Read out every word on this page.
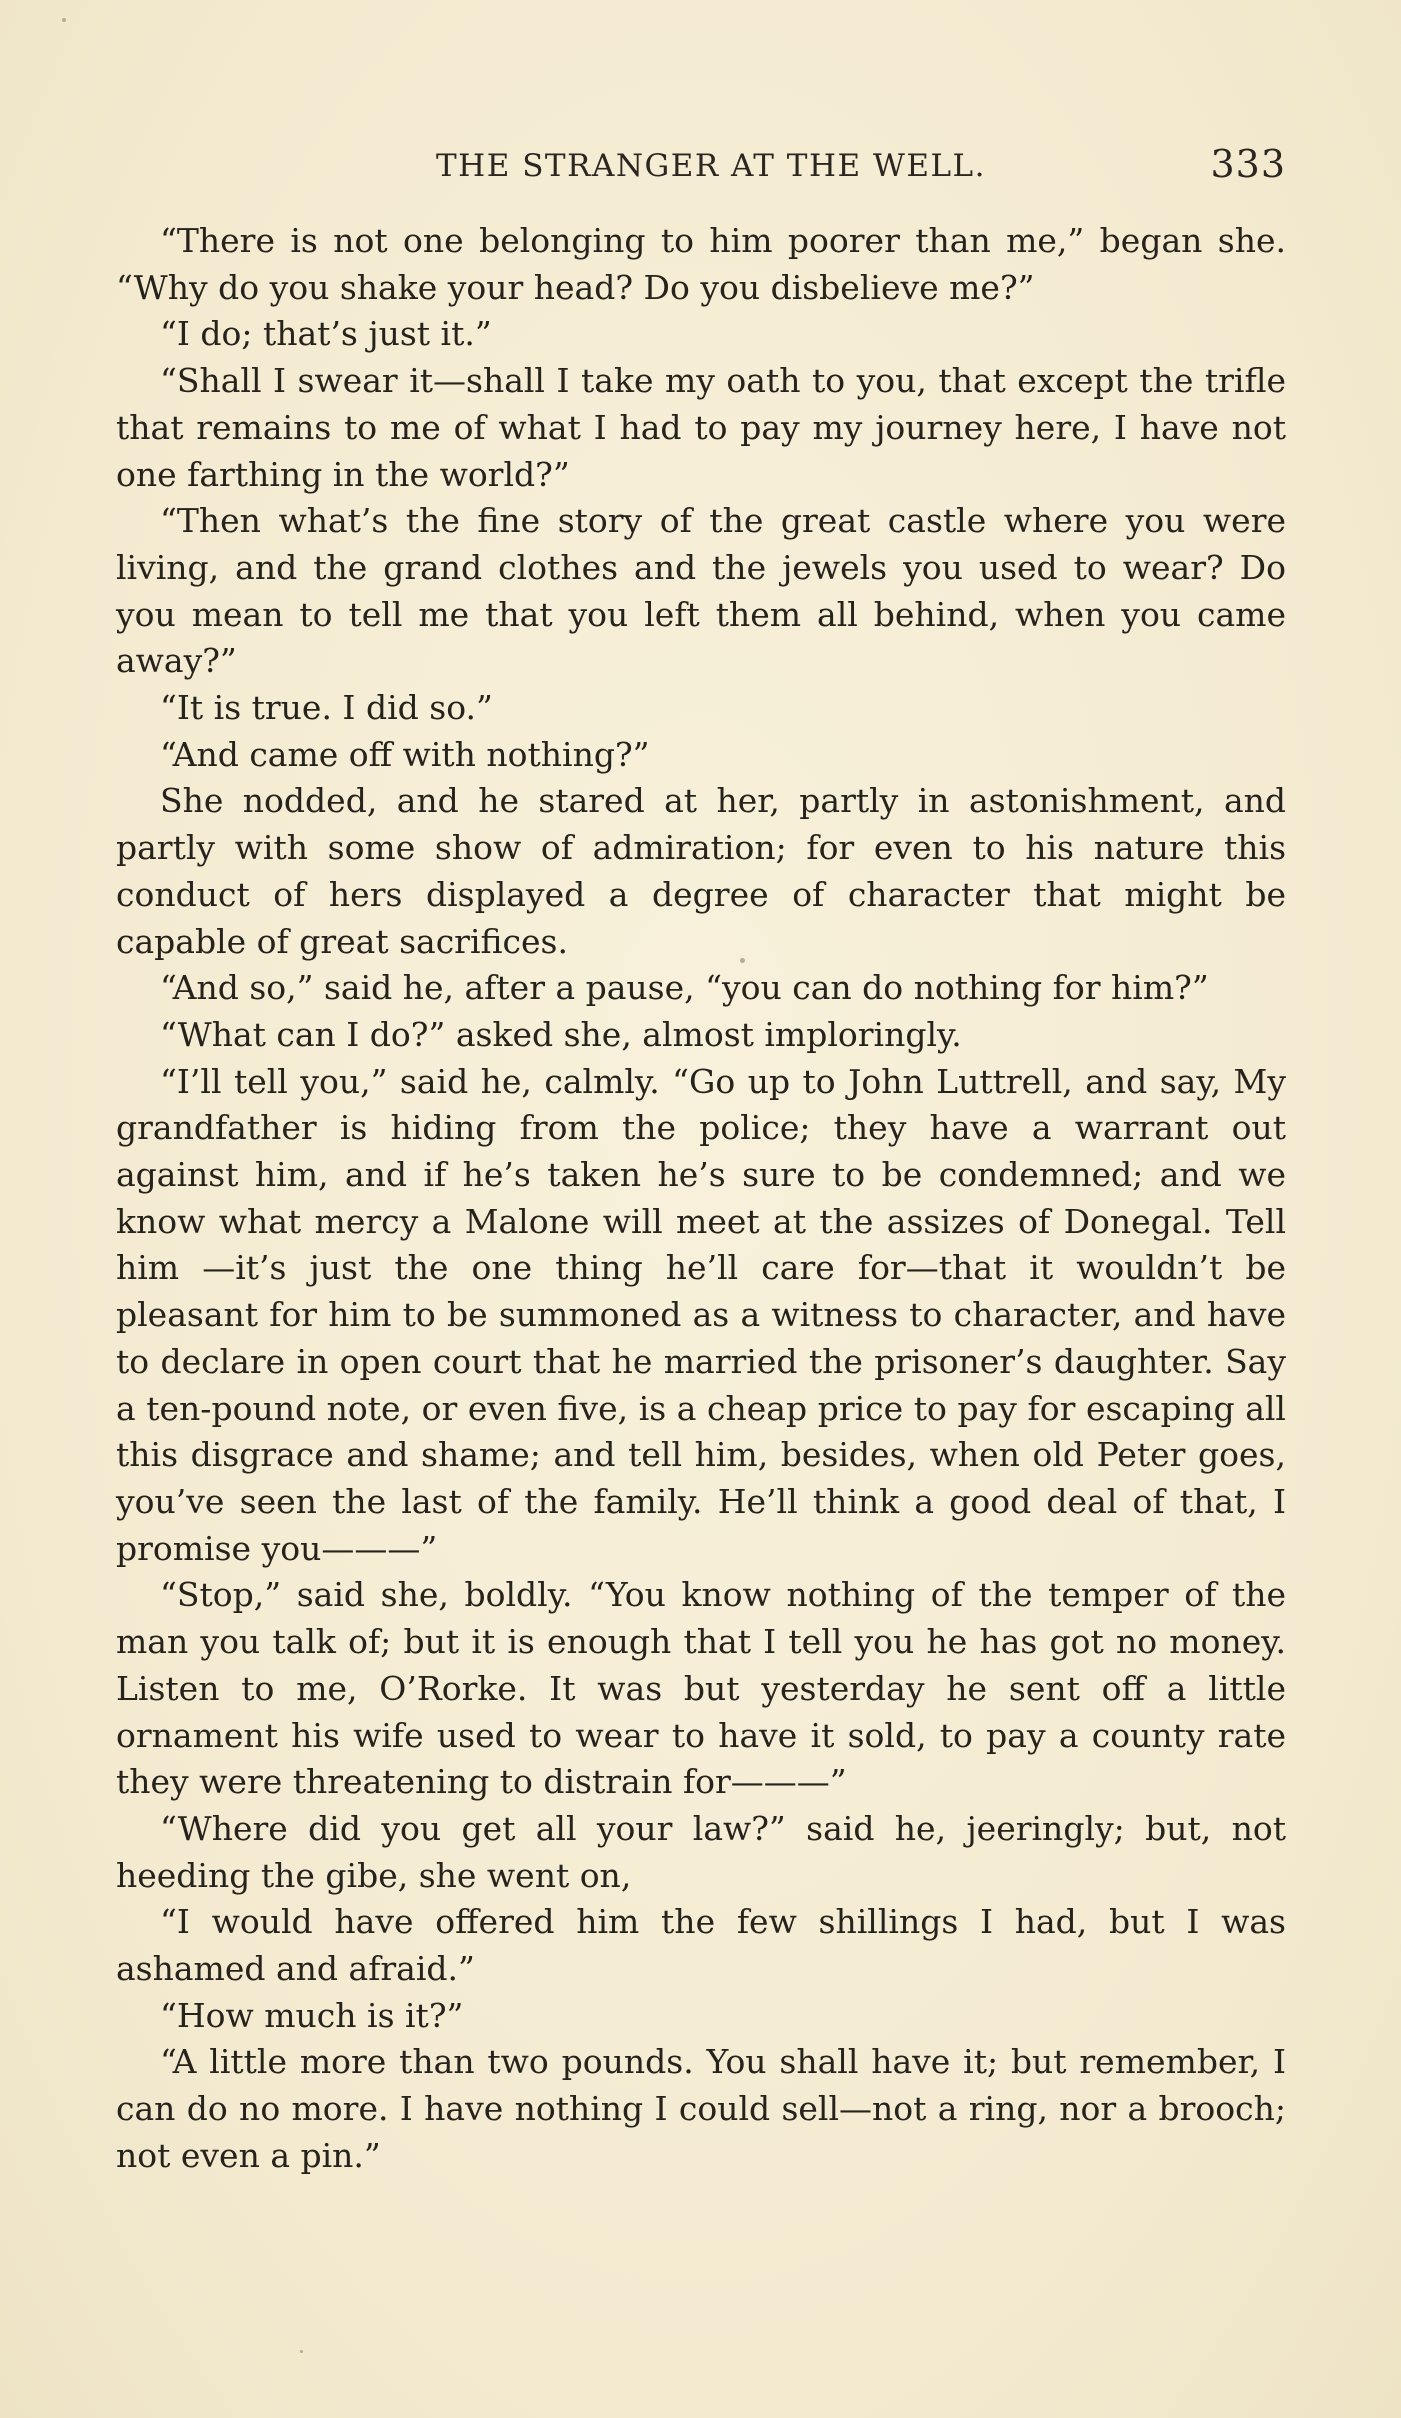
THE STRANGER AT THE WELL.	333

“There is not one belonging to him poorer than me,” began she. “Why do you shake your head? Do you disbelieve me?”

“I do; that’s just it.”

“Shall I swear it—shall I take my oath to you, that except the trifle that remains to me of what I had to pay my journey here, I have not one farthing in the world?”

“Then what’s the fine story of the great castle where you were living, and the grand clothes and the jewels you used to wear? Do you mean to tell me that you left them all behind, when you came away?”

“It is true. I did so.”

“And came off with nothing?”

She nodded, and he stared at her, partly in astonishment, and partly with some show of admiration; for even to his nature this conduct of hers displayed a degree of character that might be capable of great sacrifices.

“And so,” said he, after a pause, “you can do nothing for him?”

“What can I do?” asked she, almost imploringly.

“I’ll tell you,” said he, calmly. “Go up to John Luttrell, and say, My grandfather is hiding from the police; they have a warrant out against him, and if he’s taken he’s sure to be condemned; and we know what mercy a Malone will meet at the assizes of Donegal. Tell him —it’s just the one thing he’ll care for—that it wouldn’t be pleasant for him to be summoned as a witness to character, and have to declare in open court that he married the prisoner’s daughter. Say a ten-pound note, or even five, is a cheap price to pay for escaping all this disgrace and shame; and tell him, besides, when old Peter goes, you’ve seen the last of the family. He’ll think a good deal of that, I promise you———”

“Stop,” said she, boldly. “You know nothing of the temper of the man you talk of; but it is enough that I tell you he has got no money. Listen to me, O’Rorke. It was but yesterday he sent off a little ornament his wife used to wear to have it sold, to pay a county rate they were threatening to distrain for———”

“Where did you get all your law?” said he, jeeringly; but, not heeding the gibe, she went on,

“I would have offered him the few shillings I had, but I was ashamed and afraid.”

“How much is it?”

“A little more than two pounds. You shall have it; but remember, I can do no more. I have nothing I could sell—not a ring, nor a brooch; not even a pin.”
